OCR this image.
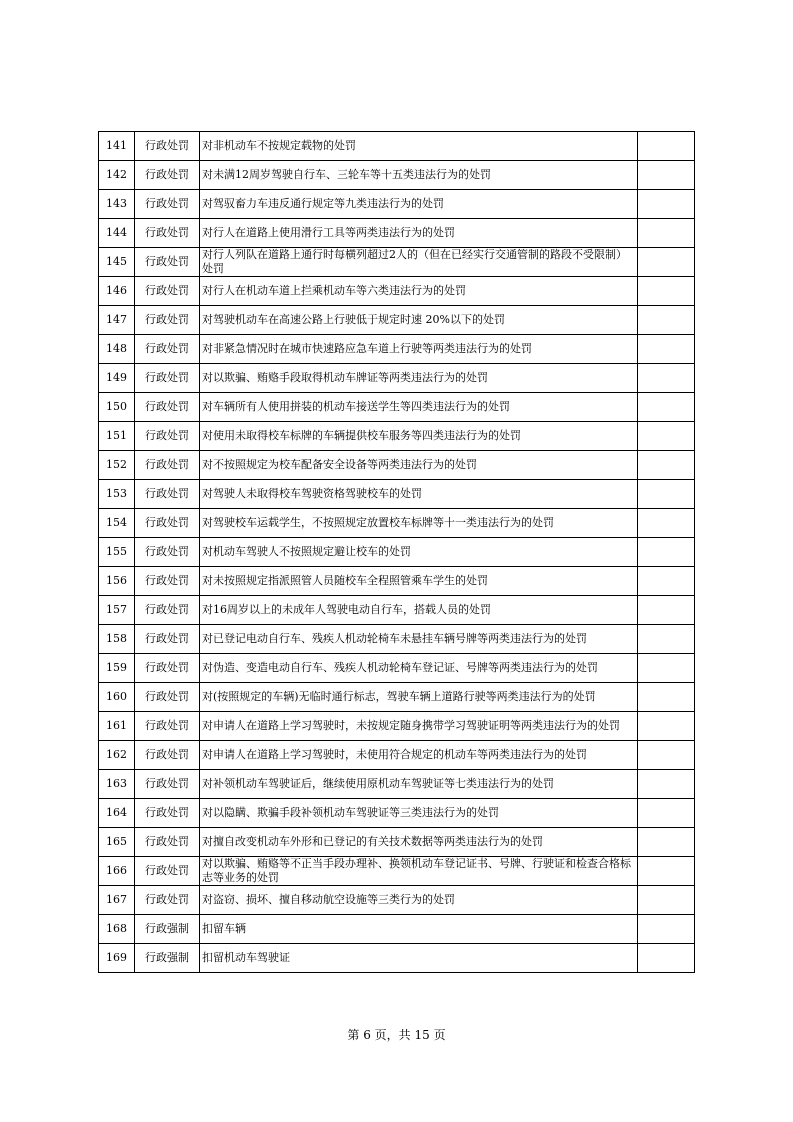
141	行政处罚	对非机动车不按规定载物的处罚	
142	行政处罚	对未满12周岁驾驶自行车、三轮车等十五类违法行为的处罚	
143	行政处罚	对驾驭畜力车违反通行规定等九类违法行为的处罚	
144	行政处罚	对行人在道路上使用滑行工具等两类违法行为的处罚	
145	行政处罚	对行人列队在道路上通行时每横列超过2人的（但在已经实行交通管制的路段不受限制）处罚	
146	行政处罚	对行人在机动车道上拦乘机动车等六类违法行为的处罚	
147	行政处罚	对驾驶机动车在高速公路上行驶低于规定时速 20%以下的处罚	
148	行政处罚	对非紧急情况时在城市快速路应急车道上行驶等两类违法行为的处罚	
149	行政处罚	对以欺骗、贿赂手段取得机动车牌证等两类违法行为的处罚	
150	行政处罚	对车辆所有人使用拼装的机动车接送学生等四类违法行为的处罚	
151	行政处罚	对使用未取得校车标牌的车辆提供校车服务等四类违法行为的处罚	
152	行政处罚	对不按照规定为校车配备安全设备等两类违法行为的处罚	
153	行政处罚	对驾驶人未取得校车驾驶资格驾驶校车的处罚	
154	行政处罚	对驾驶校车运载学生，不按照规定放置校车标牌等十一类违法行为的处罚	
155	行政处罚	对机动车驾驶人不按照规定避让校车的处罚	
156	行政处罚	对未按照规定指派照管人员随校车全程照管乘车学生的处罚	
157	行政处罚	对16周岁以上的未成年人驾驶电动自行车，搭载人员的处罚	
158	行政处罚	对已登记电动自行车、残疾人机动轮椅车未悬挂车辆号牌等两类违法行为的处罚	
159	行政处罚	对伪造、变造电动自行车、残疾人机动轮椅车登记证、号牌等两类违法行为的处罚	
160	行政处罚	对(按照规定的车辆)无临时通行标志，驾驶车辆上道路行驶等两类违法行为的处罚	
161	行政处罚	对申请人在道路上学习驾驶时，未按规定随身携带学习驾驶证明等两类违法行为的处罚	
162	行政处罚	对申请人在道路上学习驾驶时，未使用符合规定的机动车等两类违法行为的处罚	
163	行政处罚	对补领机动车驾驶证后，继续使用原机动车驾驶证等七类违法行为的处罚	
164	行政处罚	对以隐瞒、欺骗手段补领机动车驾驶证等三类违法行为的处罚	
165	行政处罚	对擅自改变机动车外形和已登记的有关技术数据等两类违法行为的处罚	
166	行政处罚	对以欺骗、贿赂等不正当手段办理补、换领机动车登记证书、号牌、行驶证和检查合格标志等业务的处罚	
167	行政处罚	对盗窃、损坏、擅自移动航空设施等三类行为的处罚	
168	行政强制	扣留车辆	
169	行政强制	扣留机动车驾驶证	
第 6 页，共 15 页
